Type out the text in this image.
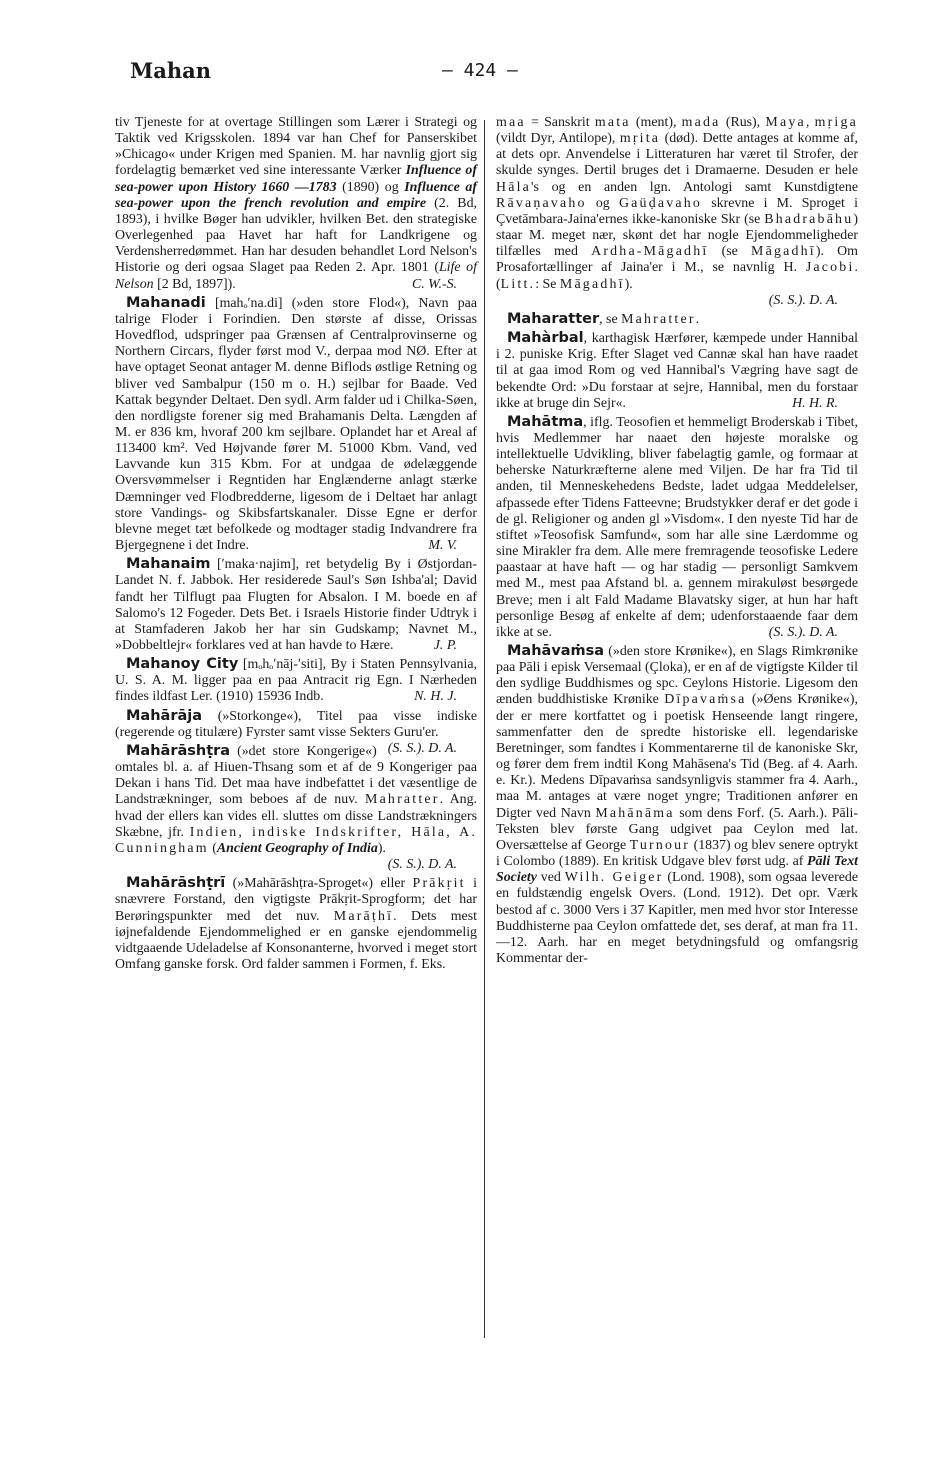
Mahan	— 424 —
tiv Tjeneste for at overtage Stillingen som Lærer i Strategi og Taktik ved Krigsskolen. 1894 var han Chef for Panserskibet »Chicago« under Krigen med Spanien. M. har navnlig gjort sig fordelagtig bemærket ved sine interessante Værker Influence of sea-power upon History 1660 —1783 (1890) og Influence af sea-power upon the french revolution and empire (2. Bd, 1893), i hvilke Bøger han udvikler, hvilken Bet. den strategiske Overlegenhed paa Havet har haft for Landkrigene og Verdensherredømmet. Han har desuden behandlet Lord Nelson's Historie og deri ogsaa Slaget paa Reden 2. Apr. 1801 (Life of Nelson [2 Bd, 1897]).	C. W.-S.
Mahanadi [mahₒʹna.di] (»den store Flod«), Navn paa talrige Floder i Forindien. Den største af disse, Orissas Hovedflod, udspringer paa Grænsen af Centralprovinserne og Northern Circars, flyder først mod V., derpaa mod NØ. Efter at have optaget Seonat antager M. denne Biflods østlige Retning og bliver ved Sambalpur (150 m o. H.) sejlbar for Baade. Ved Kattak begynder Deltaet. Den sydl. Arm falder ud i Chilka-Søen, den nordligste forener sig med Brahamanis Delta. Længden af M. er 836 km, hvoraf 200 km sejlbare. Oplandet har et Areal af 113400 km². Ved Højvande fører M. 51000 Kbm. Vand, ved Lavvande kun 315 Kbm. For at undgaa de ødelæggende Oversvømmelser i Regntiden har Englænderne anlagt stærke Dæmninger ved Flodbredderne, ligesom de i Deltaet har anlagt store Vandings- og Skibsfartskanaler. Disse Egne er derfor blevne meget tæt befolkede og modtager stadig Indvandrere fra Bjergegnene i det Indre.	M. V.
Mahanaim [ʹmaka·najim], ret betydelig By i Østjordan-Landet N. f. Jabbok. Her residerede Saul's Søn Ishba'al; David fandt her Tilflugt paa Flugten for Absalon. I M. boede en af Salomo's 12 Fogeder. Dets Bet. i Israels Historie finder Udtryk i at Stamfaderen Jakob her har sin Gudskamp; Navnet M., »Dobbeltlejr« forklares ved at han havde to Hære.	J. P.
Mahanoy City [mₒhₒʹnāj-ʹsiti], By i Staten Pennsylvania, U. S. A. M. ligger paa en paa Antracit rig Egn. I Nærheden findes ildfast Ler. (1910) 15936 Indb.	N. H. J.
Mahārāja (»Storkonge«), Titel paa visse indiske (regerende og titulære) Fyrster samt visse Sekters Guru'er.
(S. S.). D. A.
Mahārāshṭra (»det store Kongerige«) omtales bl. a. af Hiuen-Thsang som et af de 9 Kongeriger paa Dekan i hans Tid. Det maa have indbefattet i det væsentlige de Landstrækninger, som beboes af de nuv. Mahratter. Ang. hvad der ellers kan vides ell. sluttes om disse Landstrækningers Skæbne, jfr. Indien, indiske Indskrifter, Hāla, A. Cunningham (Ancient Geography of India).
(S. S.). D. A.
Mahārāshṭrī (»Mahārāshṭra-Sproget«) eller Prākṛit i snævrere Forstand, den vigtigste Prākṛit-Sprogform; det har Berøringspunkter med det nuv. Marāṭhī. Dets mest iøjnefaldende Ejendommelighed er en ganske ejendommelig vidtgaaende Udeladelse af Konsonanterne, hvorved i meget stort Omfang ganske forsk. Ord falder sammen i Formen, f. Eks.
maa = Sanskrit mata (ment), mada (Rus), Maya, mṛiga (vildt Dyr, Antilope), mṛita (død). Dette antages at komme af, at dets opr. Anvendelse i Litteraturen har været til Strofer, der skulde synges. Dertil bruges det i Dramaerne. Desuden er hele Hāla's og en anden lgn. Antologi samt Kunstdigtene Rāvaṇavaho og Gaüḍavaho skrevne i M. Sproget i Çvetāmbara-Jaina'ernes ikke-kanoniske Skr (se Bhadrabāhu) staar M. meget nær, skønt det har nogle Ejendommeligheder tilfælles med Ardha-Māgadhī (se Māgadhī). Om Prosafortællinger af Jaina'er i M., se navnlig H. Jacobi. (Litt.: Se Māgadhī).
(S. S.). D. A.
Maharatter, se Mahratter.
Mahàrbal, karthagisk Hærfører, kæmpede under Hannibal i 2. puniske Krig. Efter Slaget ved Cannæ skal han have raadet til at gaa imod Rom og ved Hannibal's Vægring have sagt de bekendte Ord: »Du forstaar at sejre, Hannibal, men du forstaar ikke at bruge din Sejr«.	H. H. R.
Mahātma, iflg. Teosofien et hemmeligt Broderskab i Tibet, hvis Medlemmer har naaet den højeste moralske og intellektuelle Udvikling, bliver fabelagtig gamle, og formaar at beherske Naturkræfterne alene med Viljen. De har fra Tid til anden, til Menneskehedens Bedste, ladet udgaa Meddelelser, afpassede efter Tidens Fatteevne; Brudstykker deraf er det gode i de gl. Religioner og anden gl »Visdom«. I den nyeste Tid har de stiftet »Teosofisk Samfund«, som har alle sine Lærdomme og sine Mirakler fra dem. Alle mere fremragende teosofiske Ledere paastaar at have haft — og har stadig — personligt Samkvem med M., mest paa Afstand bl. a. gennem mirakuløst besørgede Breve; men i alt Fald Madame Blavatsky siger, at hun har haft personlige Besøg af enkelte af dem; udenforstaaende faar dem ikke at se.	(S. S.). D. A.
Mahāvaṁsa (»den store Krønike«), en Slags Rimkrønike paa Pāli i episk Versemaal (Çloka), er en af de vigtigste Kilder til den sydlige Buddhismes og spc. Ceylons Historie. Ligesom den ænden buddhistiske Krønike Dīpavaṁsa (»Øens Krønike«), der er mere kortfattet og i poetisk Henseende langt ringere, sammenfatter den de spredte historiske ell. legendariske Beretninger, som fandtes i Kommentarerne til de kanoniske Skr, og fører dem frem indtil Kong Mahāsena's Tid (Beg. af 4. Aarh. e. Kr.). Medens Dīpavaṁsa sandsynligvis stammer fra 4. Aarh., maa M. antages at være noget yngre; Traditionen anfører en Digter ved Navn Mahānāma som dens Forf. (5. Aarh.). Pāli-Teksten blev første Gang udgivet paa Ceylon med lat. Oversættelse af George Turnour (1837) og blev senere optrykt i Colombo (1889). En kritisk Udgave blev først udg. af Pāli Text Society ved Wilh. Geiger (Lond. 1908), som ogsaa leverede en fuldstændig engelsk Overs. (Lond. 1912). Det opr. Værk bestod af c. 3000 Vers i 37 Kapitler, men med hvor stor Interesse Buddhisterne paa Ceylon omfattede det, ses deraf, at man fra 11.—12. Aarh. har en meget betydningsfuld og omfangsrig Kommentar der-
